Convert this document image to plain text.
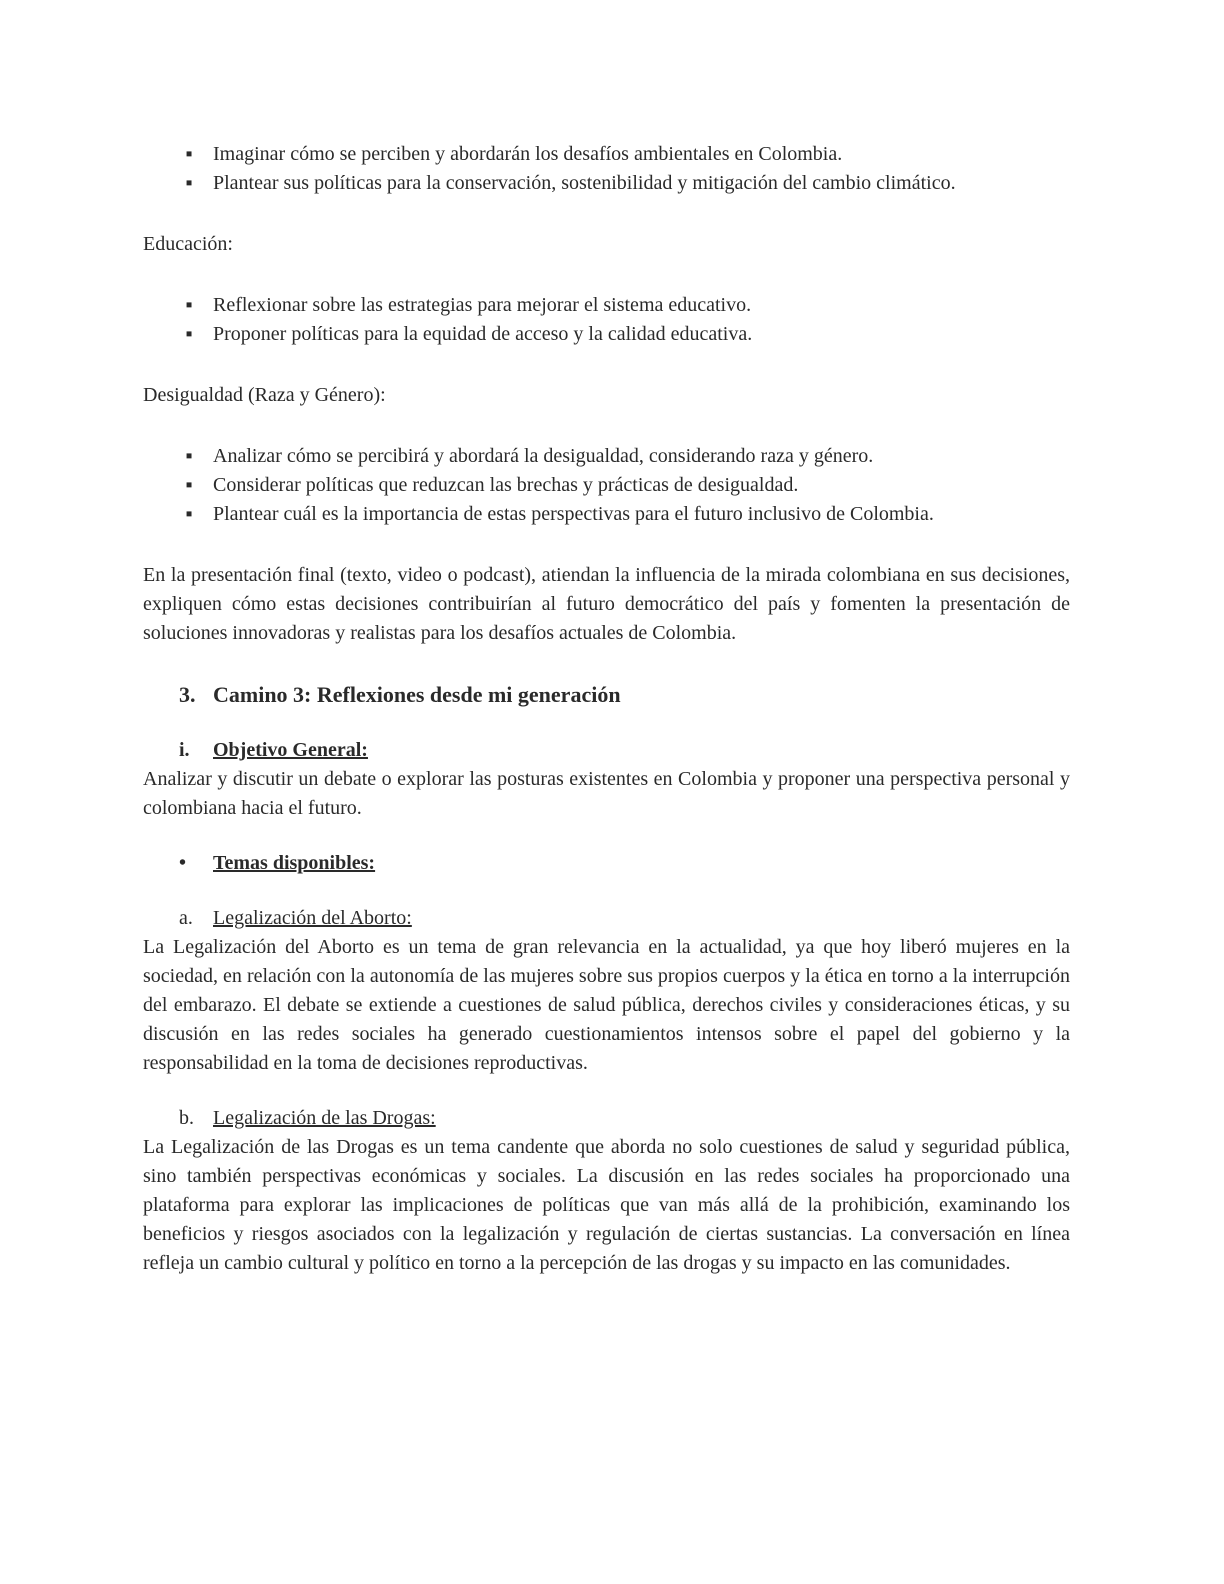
▪	Imaginar cómo se perciben y abordarán los desafíos ambientales en Colombia.
▪	Plantear sus políticas para la conservación, sostenibilidad y mitigación del cambio climático.

Educación:

▪	Reflexionar sobre las estrategias para mejorar el sistema educativo.
▪	Proponer políticas para la equidad de acceso y la calidad educativa.

Desigualdad (Raza y Género):

▪	Analizar cómo se percibirá y abordará la desigualdad, considerando raza y género.
▪	Considerar políticas que reduzcan las brechas y prácticas de desigualdad.
▪	Plantear cuál es la importancia de estas perspectivas para el futuro inclusivo de Colombia.

En la presentación final (texto, video o podcast), atiendan la influencia de la mirada colombiana en sus decisiones, expliquen cómo estas decisiones contribuirían al futuro democrático del país y fomenten la presentación de soluciones innovadoras y realistas para los desafíos actuales de Colombia.

3. Camino 3: Reflexiones desde mi generación
i. Objetivo General:

Analizar y discutir un debate o explorar las posturas existentes en Colombia y proponer una perspectiva personal y colombiana hacia el futuro.

• Temas disponibles:
a. Legalización del Aborto:

La Legalización del Aborto es un tema de gran relevancia en la actualidad, ya que hoy liberó mujeres en la sociedad, en relación con la autonomía de las mujeres sobre sus propios cuerpos y la ética en torno a la interrupción del embarazo. El debate se extiende a cuestiones de salud pública, derechos civiles y consideraciones éticas, y su discusión en las redes sociales ha generado cuestionamientos intensos sobre el papel del gobierno y la responsabilidad en la toma de decisiones reproductivas.

b. Legalización de las Drogas:

La Legalización de las Drogas es un tema candente que aborda no solo cuestiones de salud y seguridad pública, sino también perspectivas económicas y sociales. La discusión en las redes sociales ha proporcionado una plataforma para explorar las implicaciones de políticas que van más allá de la prohibición, examinando los beneficios y riesgos asociados con la legalización y regulación de ciertas sustancias. La conversación en línea refleja un cambio cultural y político en torno a la percepción de las drogas y su impacto en las comunidades.
